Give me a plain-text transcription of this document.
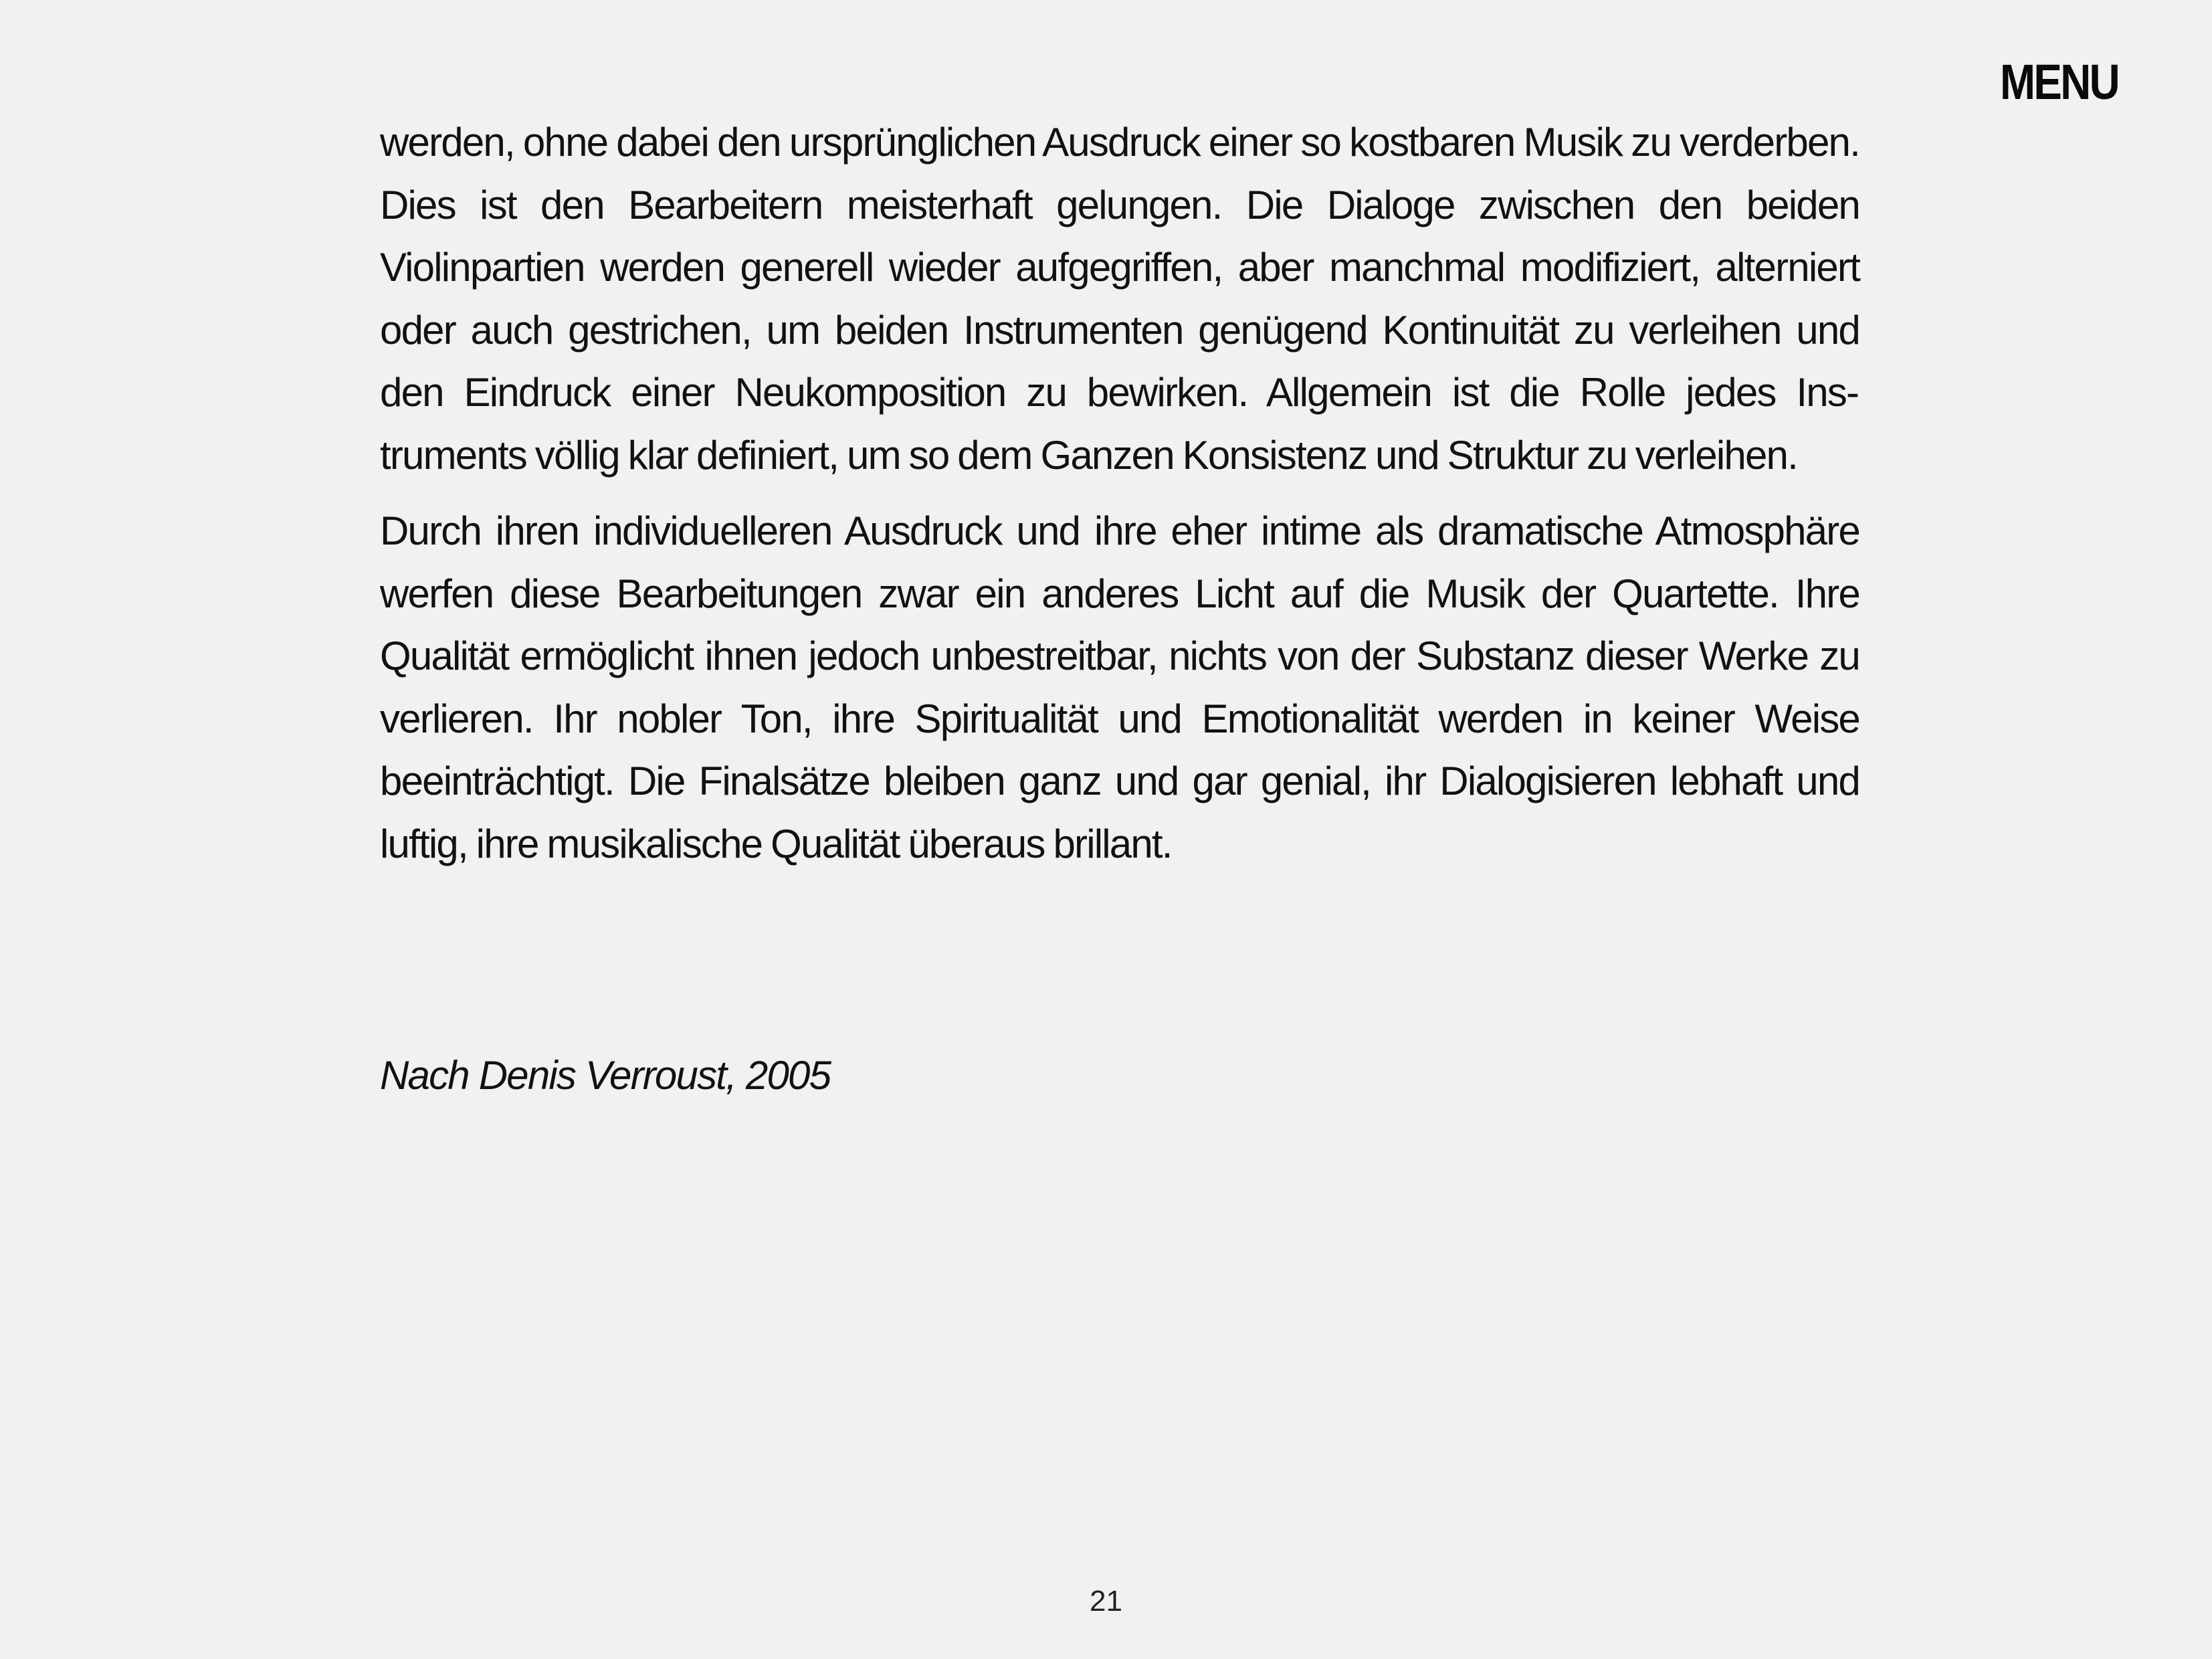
MENU

werden, ohne dabei den ursprünglichen Ausdruck einer so kostbaren Musik zu verderben. Dies ist den Bearbeitern meisterhaft gelungen. Die Dialoge zwischen den beiden Violinpartien werden generell wieder aufgegriffen, aber manchmal modifiziert, alterniert oder auch gestrichen, um beiden Instrumenten genügend Kontinuität zu verleihen und den Eindruck einer Neukomposition zu bewirken. Allgemein ist die Rolle jedes Instruments völlig klar definiert, um so dem Ganzen Konsistenz und Struktur zu verleihen.

Durch ihren individuelleren Ausdruck und ihre eher intime als dramatische Atmosphäre werfen diese Bearbeitungen zwar ein anderes Licht auf die Musik der Quartette. Ihre Qualität ermöglicht ihnen jedoch unbestreitbar, nichts von der Substanz dieser Werke zu verlieren. Ihr nobler Ton, ihre Spiritualität und Emotionalität werden in keiner Weise beeinträchtigt. Die Finalsätze bleiben ganz und gar genial, ihr Dialogisieren lebhaft und luftig, ihre musikalische Qualität überaus brillant.

Nach Denis Verroust, 2005
21
